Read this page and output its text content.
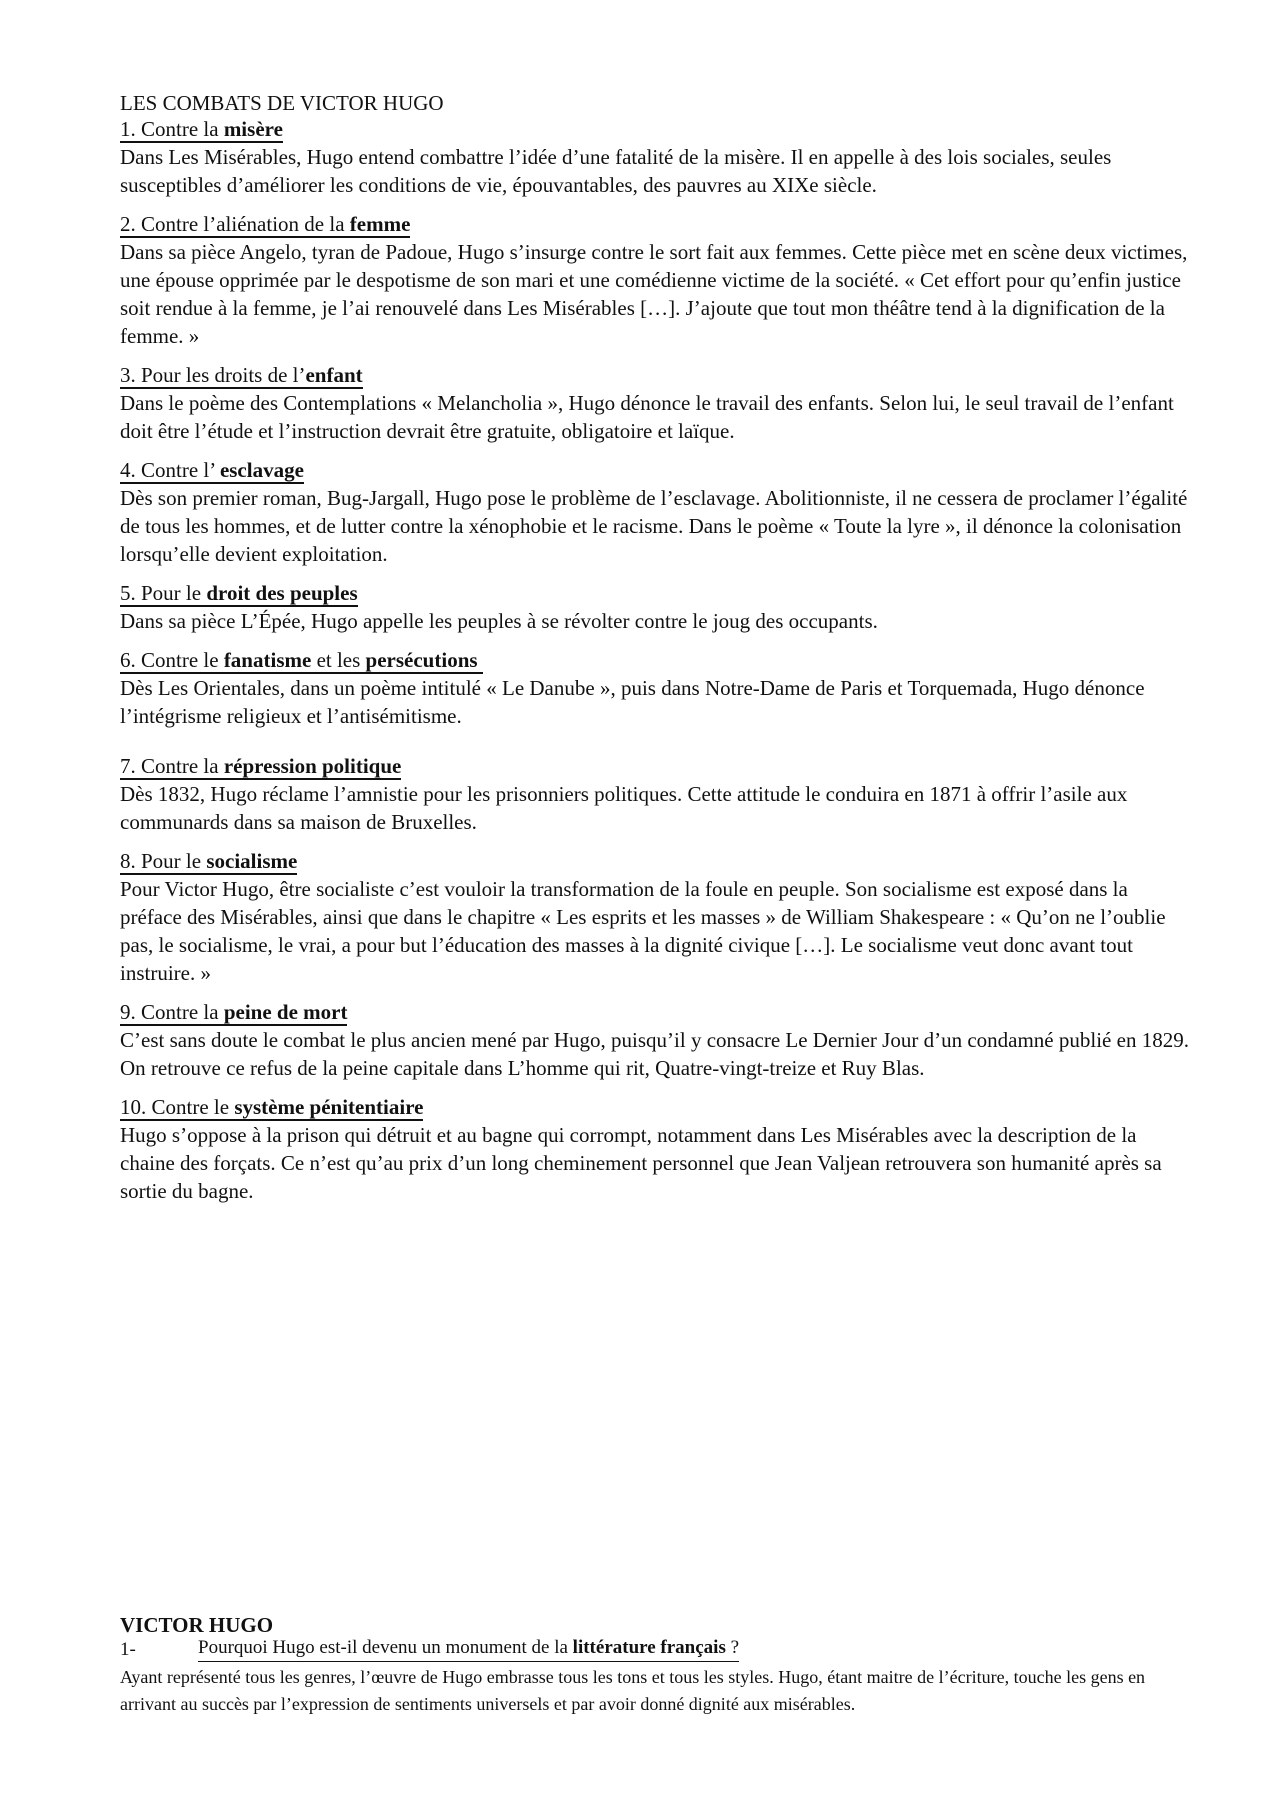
LES COMBATS DE VICTOR HUGO

1. Contre la misère

Dans Les Misérables, Hugo entend combattre l’idée d’une fatalité de la misère. Il en appelle à des lois sociales, seules susceptibles d’améliorer les conditions de vie, épouvantables, des pauvres au XIXe siècle.

2. Contre l’aliénation de la femme

Dans sa pièce Angelo, tyran de Padoue, Hugo s’insurge contre le sort fait aux femmes. Cette pièce met en scène deux victimes, une épouse opprimée par le despotisme de son mari et une comédienne victime de la société. « Cet effort pour qu’enfin justice soit rendue à la femme, je l’ai renouvelé dans Les Misérables […]. J’ajoute que tout mon théâtre tend à la dignification de la femme. »

3. Pour les droits de l’enfant

Dans le poème des Contemplations « Melancholia », Hugo dénonce le travail des enfants. Selon lui, le seul travail de l’enfant doit être l’étude et l’instruction devrait être gratuite, obligatoire et laïque.

4. Contre l’ esclavage

Dès son premier roman, Bug-Jargall, Hugo pose le problème de l’esclavage. Abolitionniste, il ne cessera de proclamer l’égalité de tous les hommes, et de lutter contre la xénophobie et le racisme. Dans le poème « Toute la lyre », il dénonce la colonisation lorsqu’elle devient exploitation.

5. Pour le droit des peuples

Dans sa pièce L’Épée, Hugo appelle les peuples à se révolter contre le joug des occupants.

6. Contre le fanatisme et les persécutions

Dès Les Orientales, dans un poème intitulé « Le Danube », puis dans Notre-Dame de Paris et Torquemada, Hugo dénonce l’intégrisme religieux et l’antisémitisme.

7. Contre la répression politique

Dès 1832, Hugo réclame l’amnistie pour les prisonniers politiques. Cette attitude le conduira en 1871 à offrir l’asile aux communards dans sa maison de Bruxelles.

8. Pour le socialisme

Pour Victor Hugo, être socialiste c’est vouloir la transformation de la foule en peuple. Son socialisme est exposé dans la préface des Misérables, ainsi que dans le chapitre « Les esprits et les masses » de William Shakespeare : « Qu’on ne l’oublie pas, le socialisme, le vrai, a pour but l’éducation des masses à la dignité civique […]. Le socialisme veut donc avant tout instruire. »

9. Contre la peine de mort

C’est sans doute le combat le plus ancien mené par Hugo, puisqu’il y consacre Le Dernier Jour d’un condamné publié en 1829. On retrouve ce refus de la peine capitale dans L’homme qui rit, Quatre-vingt-treize et Ruy Blas.

10. Contre le système pénitentiaire

Hugo s’oppose à la prison qui détruit et au bagne qui corrompt, notamment dans Les Misérables avec la description de la chaine des forçats. Ce n’est qu’au prix d’un long cheminement personnel que Jean Valjean retrouvera son humanité après sa sortie du bagne.

VICTOR HUGO

1-	Pourquoi Hugo est-il devenu un monument de la littérature français ?

Ayant représenté tous les genres, l’œuvre de Hugo embrasse tous les tons et tous les styles. Hugo, étant maitre de l’écriture, touche les gens en arrivant au succès par l’expression de sentiments universels et par avoir donné dignité aux misérables.
